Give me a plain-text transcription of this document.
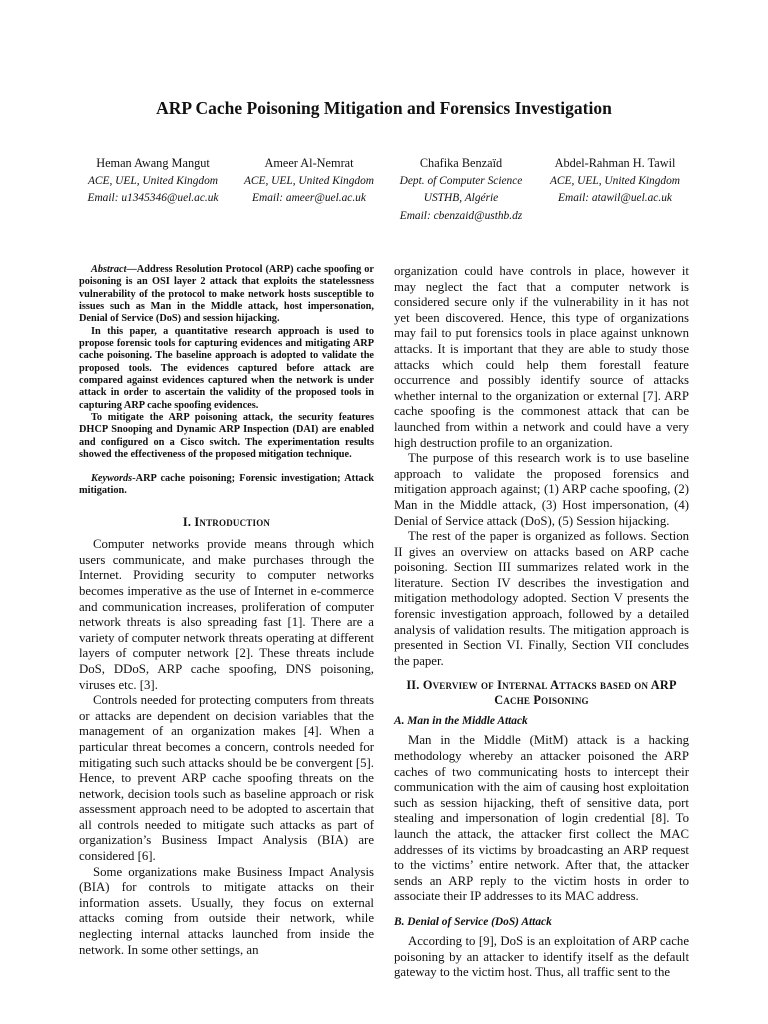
ARP Cache Poisoning Mitigation and Forensics Investigation
Heman Awang Mangut
ACE, UEL, United Kingdom
Email: u1345346@uel.ac.uk
Ameer Al-Nemrat
ACE, UEL, United Kingdom
Email: ameer@uel.ac.uk
Chafika Benzaïd
Dept. of Computer Science
USTHB, Algérie
Email: cbenzaid@usthb.dz
Abdel-Rahman H. Tawil
ACE, UEL, United Kingdom
Email: atawil@uel.ac.uk

Abstract—Address Resolution Protocol (ARP) cache spoofing or poisoning is an OSI layer 2 attack that exploits the statelessness vulnerability of the protocol to make network hosts susceptible to issues such as Man in the Middle attack, host impersonation, Denial of Service (DoS) and session hijacking.

In this paper, a quantitative research approach is used to propose forensic tools for capturing evidences and mitigating ARP cache poisoning. The baseline approach is adopted to validate the proposed tools. The evidences captured before attack are compared against evidences captured when the network is under attack in order to ascertain the validity of the proposed tools in capturing ARP cache spoofing evidences.

To mitigate the ARP poisoning attack, the security features DHCP Snooping and Dynamic ARP Inspection (DAI) are enabled and configured on a Cisco switch. The experimentation results showed the effectiveness of the proposed mitigation technique.

Keywords-ARP cache poisoning; Forensic investigation; Attack mitigation.

I. Introduction

Computer networks provide means through which users communicate, and make purchases through the Internet. Providing security to computer networks becomes imperative as the use of Internet in e-commerce and communication increases, proliferation of computer network threats is also spreading fast [1]. There are a variety of computer network threats operating at different layers of computer network [2]. These threats include DoS, DDoS, ARP cache spoofing, DNS poisoning, viruses etc. [3].

Controls needed for protecting computers from threats or attacks are dependent on decision variables that the management of an organization makes [4]. When a particular threat becomes a concern, controls needed for mitigating such such attacks should be be convergent [5]. Hence, to prevent ARP cache spoofing threats on the network, decision tools such as baseline approach or risk assessment approach need to be adopted to ascertain that all controls needed to mitigate such attacks as part of organization’s Business Impact Analysis (BIA) are considered [6].

Some organizations make Business Impact Analysis (BIA) for controls to mitigate attacks on their information assets. Usually, they focus on external attacks coming from outside their network, while neglecting internal attacks launched from inside the network. In some other settings, an

organization could have controls in place, however it may neglect the fact that a computer network is considered secure only if the vulnerability in it has not yet been discovered. Hence, this type of organizations may fail to put forensics tools in place against unknown attacks. It is important that they are able to study those attacks which could help them forestall feature occurrence and possibly identify source of attacks whether internal to the organization or external [7]. ARP cache spoofing is the commonest attack that can be launched from within a network and could have a very high destruction profile to an organization.

The purpose of this research work is to use baseline approach to validate the proposed forensics and mitigation approach against; (1) ARP cache spoofing, (2) Man in the Middle attack, (3) Host impersonation, (4) Denial of Service attack (DoS), (5) Session hijacking.

The rest of the paper is organized as follows. Section II gives an overview on attacks based on ARP cache poisoning. Section III summarizes related work in the literature. Section IV describes the investigation and mitigation methodology adopted. Section V presents the forensic investigation approach, followed by a detailed analysis of validation results. The mitigation approach is presented in Section VI. Finally, Section VII concludes the paper.

II. Overview of Internal Attacks based on ARP
Cache Poisoning
A. Man in the Middle Attack

Man in the Middle (MitM) attack is a hacking methodology whereby an attacker poisoned the ARP caches of two communicating hosts to intercept their communication with the aim of causing host exploitation such as session hijacking, theft of sensitive data, port stealing and impersonation of login credential [8]. To launch the attack, the attacker first collect the MAC addresses of its victims by broadcasting an ARP request to the victims’ entire network. After that, the attacker sends an ARP reply to the victim hosts in order to associate their IP addresses to its MAC address.

B. Denial of Service (DoS) Attack

According to [9], DoS is an exploitation of ARP cache poisoning by an attacker to identify itself as the default gateway to the victim host. Thus, all traffic sent to the
